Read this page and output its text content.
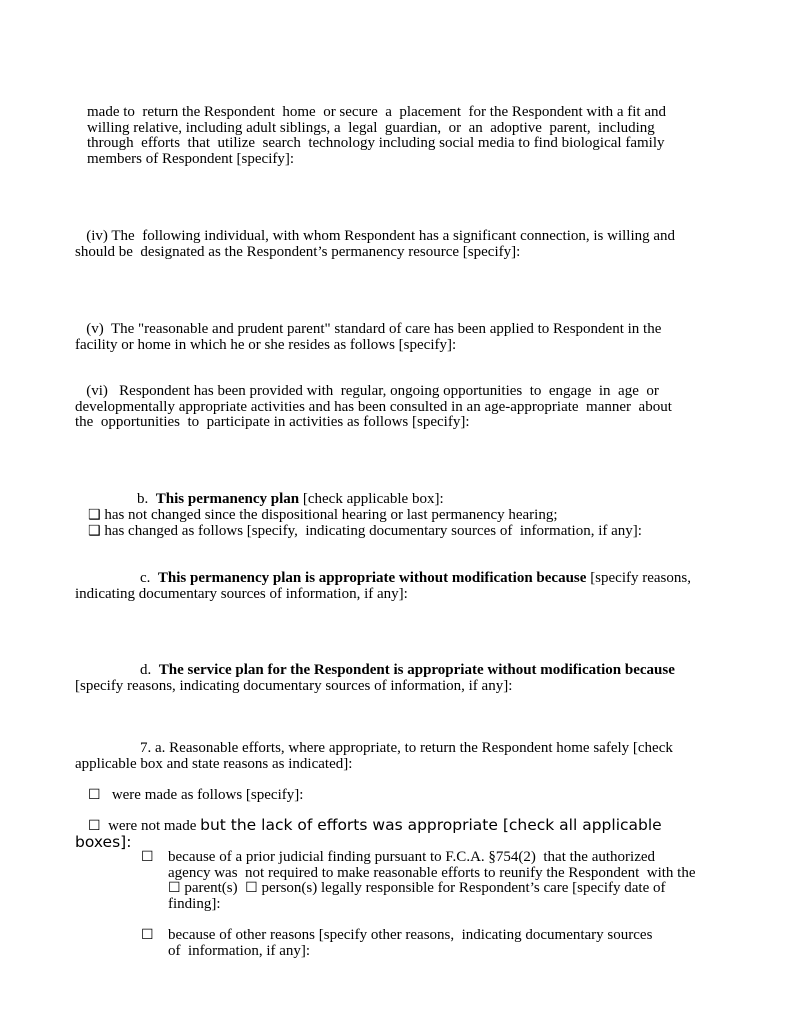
made to  return the Respondent  home  or secure  a  placement  for the Respondent with a fit and
willing relative, including adult siblings, a  legal  guardian,  or  an  adoptive  parent,  including
through  efforts  that  utilize  search  technology including social media to find biological family
members of Respondent [specify]:
(iv) The  following individual, with whom Respondent has a significant connection, is willing and
should be  designated as the Respondent’s permanency resource [specify]:
(v)  The "reasonable and prudent parent" standard of care has been applied to Respondent in the
facility or home in which he or she resides as follows [specify]:
(vi)   Respondent has been provided with  regular, ongoing opportunities  to  engage  in  age  or
developmentally appropriate activities and has been consulted in an age-appropriate  manner  about
the  opportunities  to  participate in activities as follows [specify]:
b.  This permanency plan [check applicable box]:
❑ has not changed since the dispositional hearing or last permanency hearing;
❑ has changed as follows [specify,  indicating documentary sources of  information, if any]:
c.  This permanency plan is appropriate without modification because [specify reasons,
indicating documentary sources of information, if any]:
d.  The service plan for the Respondent is appropriate without modification because
[specify reasons, indicating documentary sources of information, if any]:
7. a. Reasonable efforts, where appropriate, to return the Respondent home safely [check
applicable box and state reasons as indicated]:
☐   were made as follows [specify]:
☐  were not made but the lack of efforts was appropriate [check all applicable
boxes]:
☐ because of a prior judicial finding pursuant to F.C.A. §754(2)  that the authorized
agency was  not required to make reasonable efforts to reunify the Respondent  with the
☐ parent(s)  ☐ person(s) legally responsible for Respondent’s care [specify date of
finding]:
☐ because of other reasons [specify other reasons,  indicating documentary sources
of  information, if any]:
